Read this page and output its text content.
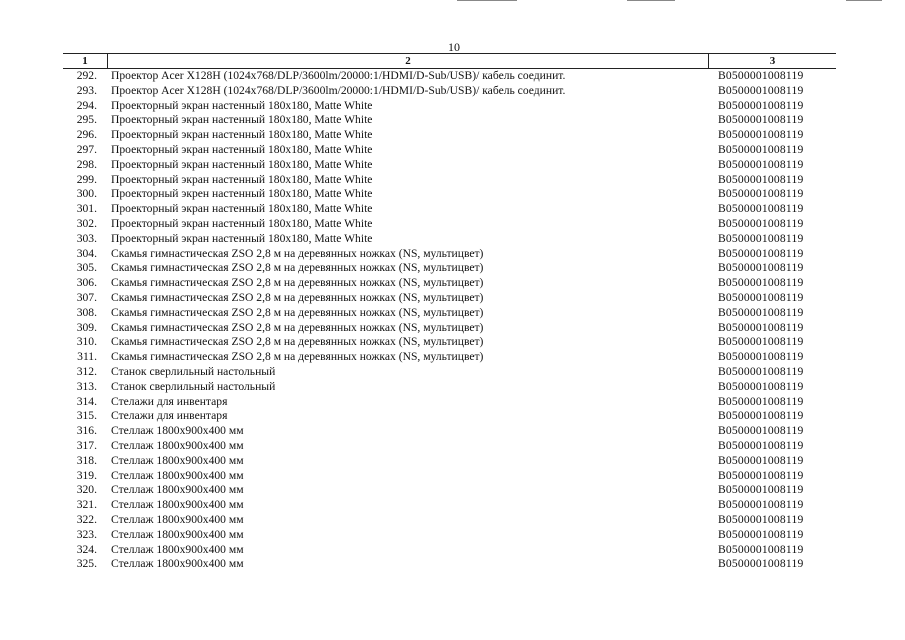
10
1	2	3
292. Проектор Acer X128H (1024x768/DLP/3600lm/20000:1/HDMI/D-Sub/USB)/ кабель соединит.	B0500001008119
293. Проектор Acer X128H (1024x768/DLP/3600lm/20000:1/HDMI/D-Sub/USB)/ кабель соединит.	B0500001008119
294. Проекторный экран настенный 180x180, Matte White	B0500001008119
295. Проекторный экран настенный 180x180, Matte White	B0500001008119
296. Проекторный экран настенный 180x180, Matte White	B0500001008119
297. Проекторный экран настенный 180x180, Matte White	B0500001008119
298. Проекторный экран настенный 180x180, Matte White	B0500001008119
299. Проекторный экран настенный 180x180, Matte White	B0500001008119
300. Проекторный экрен настенный 180x180, Matte White	B0500001008119
301. Проекторный экран настенный 180x180, Matte White	B0500001008119
302. Проекторный экран настенный 180x180, Matte White	B0500001008119
303. Проекторный экран настенный 180x180, Matte White	B0500001008119
304. Скамья гимнастическая ZSO 2,8 м на деревянных ножках (NS, мультицвет)	B0500001008119
305. Скамья гимнастическая ZSO 2,8 м на деревянных ножках (NS, мультицвет)	B0500001008119
306. Скамья гимнастическая ZSO 2,8 м на деревянных ножках (NS, мультицвет)	B0500001008119
307. Скамья гимнастическая ZSO 2,8 м на деревянных ножках (NS, мультицвет)	B0500001008119
308. Скамья гимнастическая ZSO 2,8 м на деревянных ножках (NS, мультицвет)	B0500001008119
309. Скамья гимнастическая ZSO 2,8 м на деревянных ножках (NS, мультицвет)	B0500001008119
310. Скамья гимнастическая ZSO 2,8 м на деревянных ножках (NS, мультицвет)	B0500001008119
311. Скамья гимнастическая ZSO 2,8 м на деревянных ножках (NS, мультицвет)	B0500001008119
312. Станок сверлильный настольный	B0500001008119
313. Станок сверлильный настольный	B0500001008119
314. Стелажи для инвентаря	B0500001008119
315. Стелажи для инвентаря	B0500001008119
316. Стеллаж 1800x900x400 мм	B0500001008119
317. Стеллаж 1800x900x400 мм	B0500001008119
318. Стеллаж 1800x900x400 мм	B0500001008119
319. Стеллаж 1800x900x400 мм	B0500001008119
320. Стеллаж 1800x900x400 мм	B0500001008119
321. Стеллаж 1800x900x400 мм	B0500001008119
322. Стеллаж 1800x900x400 мм	B0500001008119
323. Стеллаж 1800x900x400 мм	B0500001008119
324. Стеллаж 1800x900x400 мм	B0500001008119
325. Стеллаж 1800x900x400 мм	B0500001008119
